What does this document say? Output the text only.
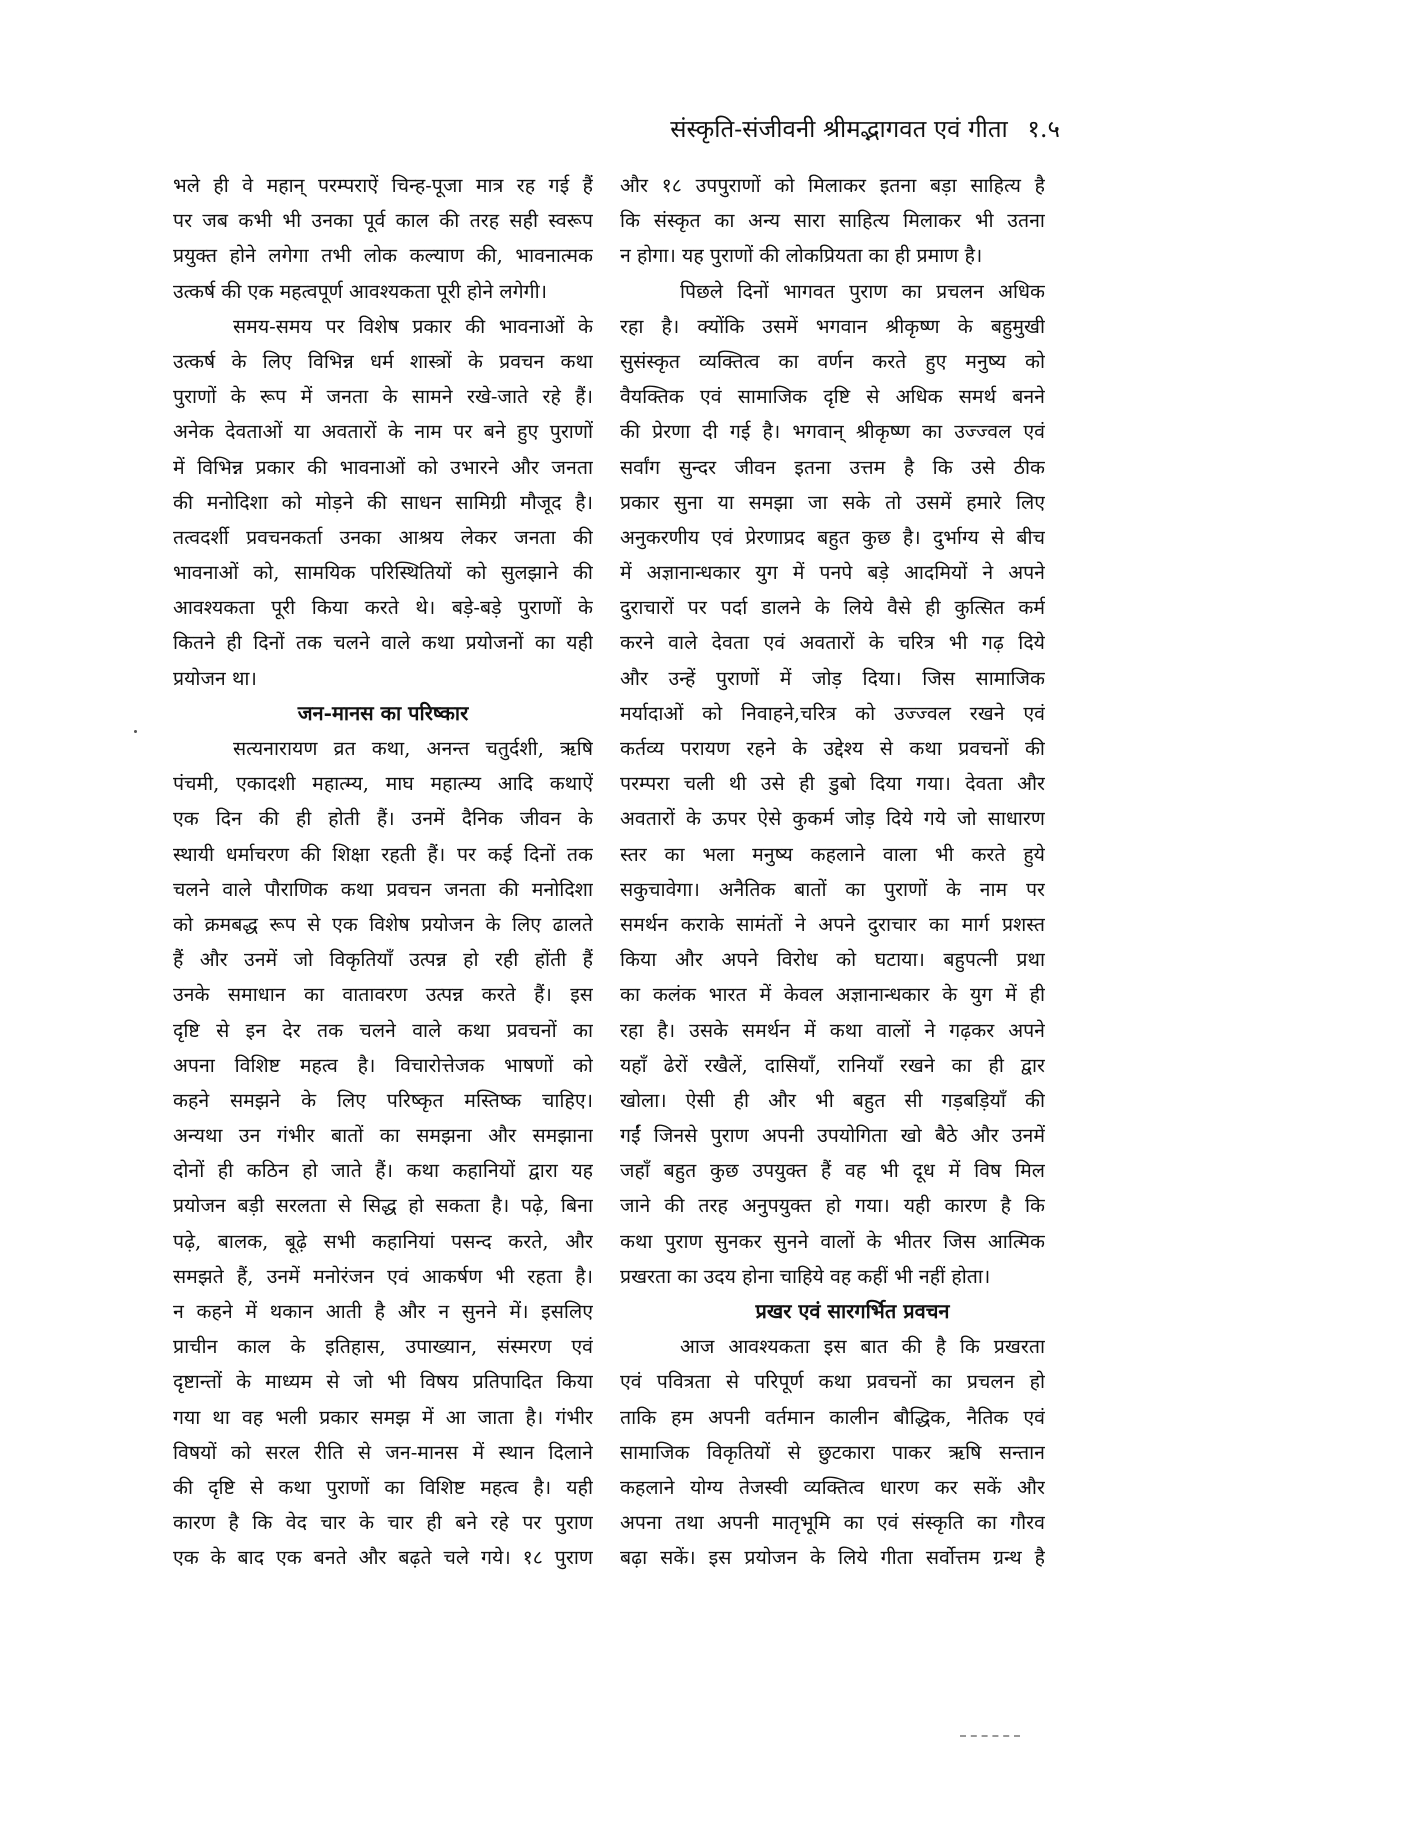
संस्कृति-संजीवनी श्रीमद्भागवत एवं गीता १.५
भले ही वे महान् परम्पराऐं चिन्ह-पूजा मात्र रह गई हैं
पर जब कभी भी उनका पूर्व काल की तरह सही स्वरूप
प्रयुक्त होने लगेगा तभी लोक कल्याण की, भावनात्मक
उत्कर्ष की एक महत्वपूर्ण आवश्यकता पूरी होने लगेगी।
समय-समय पर विशेष प्रकार की भावनाओं के
उत्कर्ष के लिए विभिन्न धर्म शास्त्रों के प्रवचन कथा
पुराणों के रूप में जनता के सामने रखे-जाते रहे हैं।
अनेक देवताओं या अवतारों के नाम पर बने हुए पुराणों
में विभिन्न प्रकार की भावनाओं को उभारने और जनता
की मनोदिशा को मोड़ने की साधन सामिग्री मौजूद है।
तत्वदर्शी प्रवचनकर्ता उनका आश्रय लेकर जनता की
भावनाओं को, सामयिक परिस्थितियों को सुलझाने की
आवश्यकता पूरी किया करते थे। बड़े-बड़े पुराणों के
कितने ही दिनों तक चलने वाले कथा प्रयोजनों का यही
प्रयोजन था।
जन-मानस का परिष्कार
सत्यनारायण व्रत कथा, अनन्त चतुर्दशी, ऋषि
पंचमी, एकादशी महात्म्य, माघ महात्म्य आदि कथाऐं
एक दिन की ही होती हैं। उनमें दैनिक जीवन के
स्थायी धर्माचरण की शिक्षा रहती हैं। पर कई दिनों तक
चलने वाले पौराणिक कथा प्रवचन जनता की मनोदिशा
को क्रमबद्ध रूप से एक विशेष प्रयोजन के लिए ढालते
हैं और उनमें जो विकृतियाँ उत्पन्न हो रही होंती हैं
उनके समाधान का वातावरण उत्पन्न करते हैं। इस
दृष्टि से इन देर तक चलने वाले कथा प्रवचनों का
अपना विशिष्ट महत्व है। विचारोत्तेजक भाषणों को
कहने समझने के लिए परिष्कृत मस्तिष्क चाहिए।
अन्यथा उन गंभीर बातों का समझना और समझाना
दोनों ही कठिन हो जाते हैं। कथा कहानियों द्वारा यह
प्रयोजन बड़ी सरलता से सिद्ध हो सकता है। पढ़े, बिना
पढ़े, बालक, बूढ़े सभी कहानियां पसन्द करते, और
समझते हैं, उनमें मनोरंजन एवं आकर्षण भी रहता है।
न कहने में थकान आती है और न सुनने में। इसलिए
प्राचीन काल के इतिहास, उपाख्यान, संस्मरण एवं
दृष्टान्तों के माध्यम से जो भी विषय प्रतिपादित किया
गया था वह भली प्रकार समझ में आ जाता है। गंभीर
विषयों को सरल रीति से जन-मानस में स्थान दिलाने
की दृष्टि से कथा पुराणों का विशिष्ट महत्व है। यही
कारण है कि वेद चार के चार ही बने रहे पर पुराण
एक के बाद एक बनते और बढ़ते चले गये। १८ पुराण
और १८ उपपुराणों को मिलाकर इतना बड़ा साहित्य है
कि संस्कृत का अन्य सारा साहित्य मिलाकर भी उतना
न होगा। यह पुराणों की लोकप्रियता का ही प्रमाण है।
पिछले दिनों भागवत पुराण का प्रचलन अधिक
रहा है। क्योंकि उसमें भगवान श्रीकृष्ण के बहुमुखी
सुसंस्कृत व्यक्तित्व का वर्णन करते हुए मनुष्य को
वैयक्तिक एवं सामाजिक दृष्टि से अधिक समर्थ बनने
की प्रेरणा दी गई है। भगवान् श्रीकृष्ण का उज्ज्वल एवं
सर्वांग सुन्दर जीवन इतना उत्तम है कि उसे ठीक
प्रकार सुना या समझा जा सके तो उसमें हमारे लिए
अनुकरणीय एवं प्रेरणाप्रद बहुत कुछ है। दुर्भाग्य से बीच
में अज्ञानान्धकार युग में पनपे बड़े आदमियों ने अपने
दुराचारों पर पर्दा डालने के लिये वैसे ही कुत्सित कर्म
करने वाले देवता एवं अवतारों के चरित्र भी गढ़ दिये
और उन्हें पुराणों में जोड़ दिया। जिस सामाजिक
मर्यादाओं को निवाहने,चरित्र को उज्ज्वल रखने एवं
कर्तव्य परायण रहने के उद्देश्य से कथा प्रवचनों की
परम्परा चली थी उसे ही डुबो दिया गया। देवता और
अवतारों के ऊपर ऐसे कुकर्म जोड़ दिये गये जो साधारण
स्तर का भला मनुष्य कहलाने वाला भी करते हुये
सकुचावेगा। अनैतिक बातों का पुराणों के नाम पर
समर्थन कराके सामंतों ने अपने दुराचार का मार्ग प्रशस्त
किया और अपने विरोध को घटाया। बहुपत्नी प्रथा
का कलंक भारत में केवल अज्ञानान्धकार के युग में ही
रहा है। उसके समर्थन में कथा वालों ने गढ़कर अपने
यहाँ ढेरों रखैलें, दासियाँ, रानियाँ रखने का ही द्वार
खोला। ऐसी ही और भी बहुत सी गड़बड़ियाँ की
गईं जिनसे पुराण अपनी उपयोगिता खो बैठे और उनमें
जहाँ बहुत कुछ उपयुक्त हैं वह भी दूध में विष मिल
जाने की तरह अनुपयुक्त हो गया। यही कारण है कि
कथा पुराण सुनकर सुनने वालों के भीतर जिस आत्मिक
प्रखरता का उदय होना चाहिये वह कहीं भी नहीं होता।
प्रखर एवं सारगर्भित प्रवचन
आज आवश्यकता इस बात की है कि प्रखरता
एवं पवित्रता से परिपूर्ण कथा प्रवचनों का प्रचलन हो
ताकि हम अपनी वर्तमान कालीन बौद्धिक, नैतिक एवं
सामाजिक विकृतियों से छुटकारा पाकर ऋषि सन्तान
कहलाने योग्य तेजस्वी व्यक्तित्व धारण कर सकें और
अपना तथा अपनी मातृभूमि का एवं संस्कृति का गौरव
बढ़ा सकें। इस प्रयोजन के लिये गीता सर्वोत्तम ग्रन्थ है
